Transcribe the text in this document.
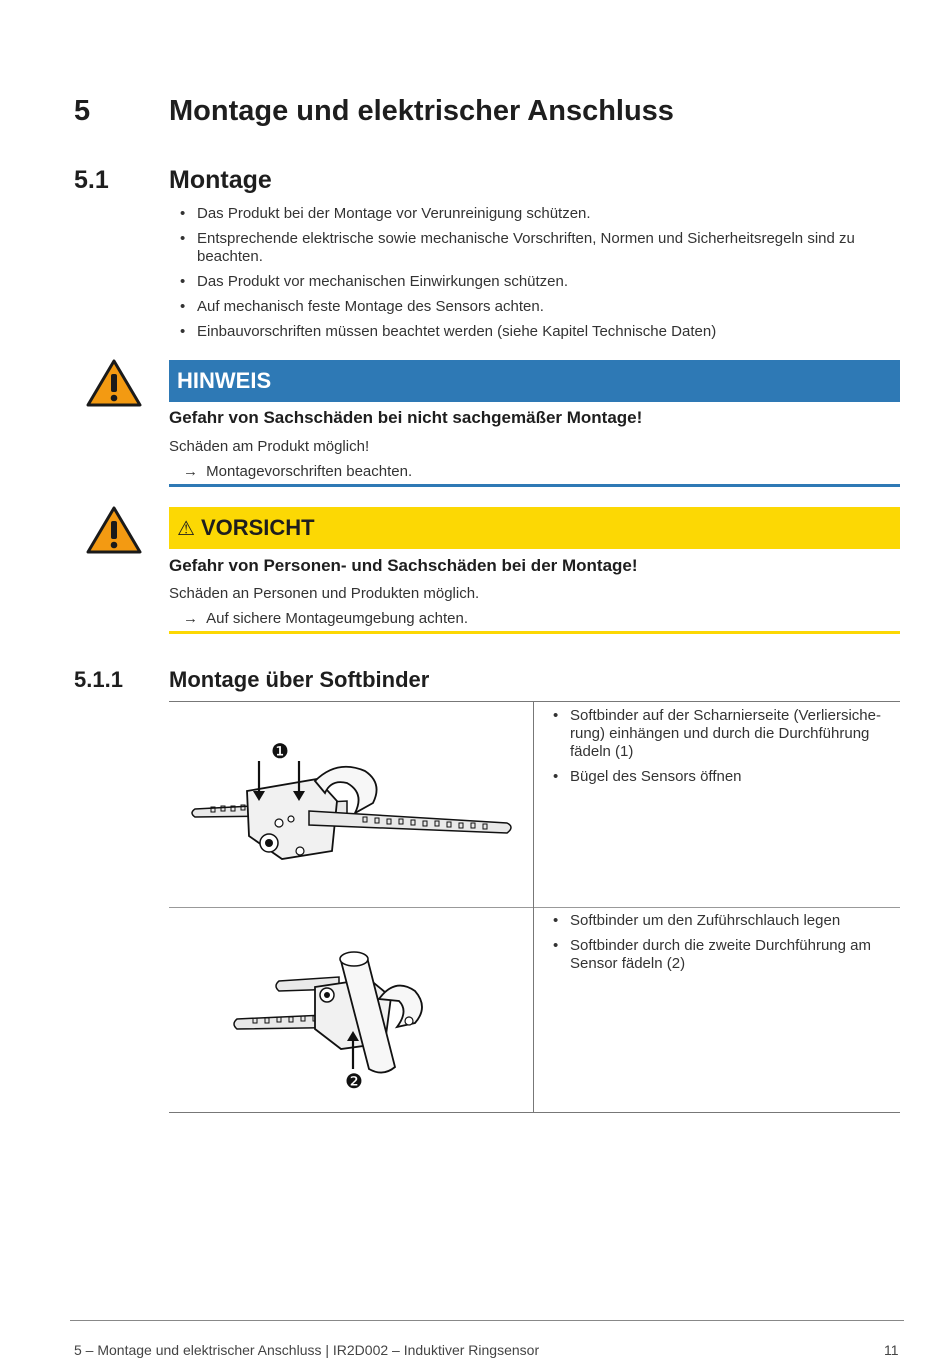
5	Montage und elektrischer Anschluss
5.1 Montage
• Das Produkt bei der Montage vor Verunreinigung schützen.
• Entsprechende elektrische sowie mechanische Vorschriften, Normen und Sicherheitsregeln sind zu beachten.
• Das Produkt vor mechanischen Einwirkungen schützen.
• Auf mechanisch feste Montage des Sensors achten.
• Einbauvorschriften müssen beachtet werden (siehe Kapitel Technische Daten)
HINWEIS
Gefahr von Sachschäden bei nicht sachgemäßer Montage!
Schäden am Produkt möglich!
→ Montagevorschriften beachten.
⚠ VORSICHT
Gefahr von Personen- und Sachschäden bei der Montage!
Schäden an Personen und Produkten möglich.
→ Auf sichere Montageumgebung achten.
5.1.1 Montage über Softbinder
❶
• Softbinder auf der Scharnierseite (Verliersiche-rung) einhängen und durch die Durchführung fädeln (1)
• Bügel des Sensors öffnen
❷
• Softbinder um den Zuführschlauch legen
• Softbinder durch die zweite Durchführung am Sensor fädeln (2)
5 – Montage und elektrischer Anschluss | IR2D002 – Induktiver Ringsensor	11
